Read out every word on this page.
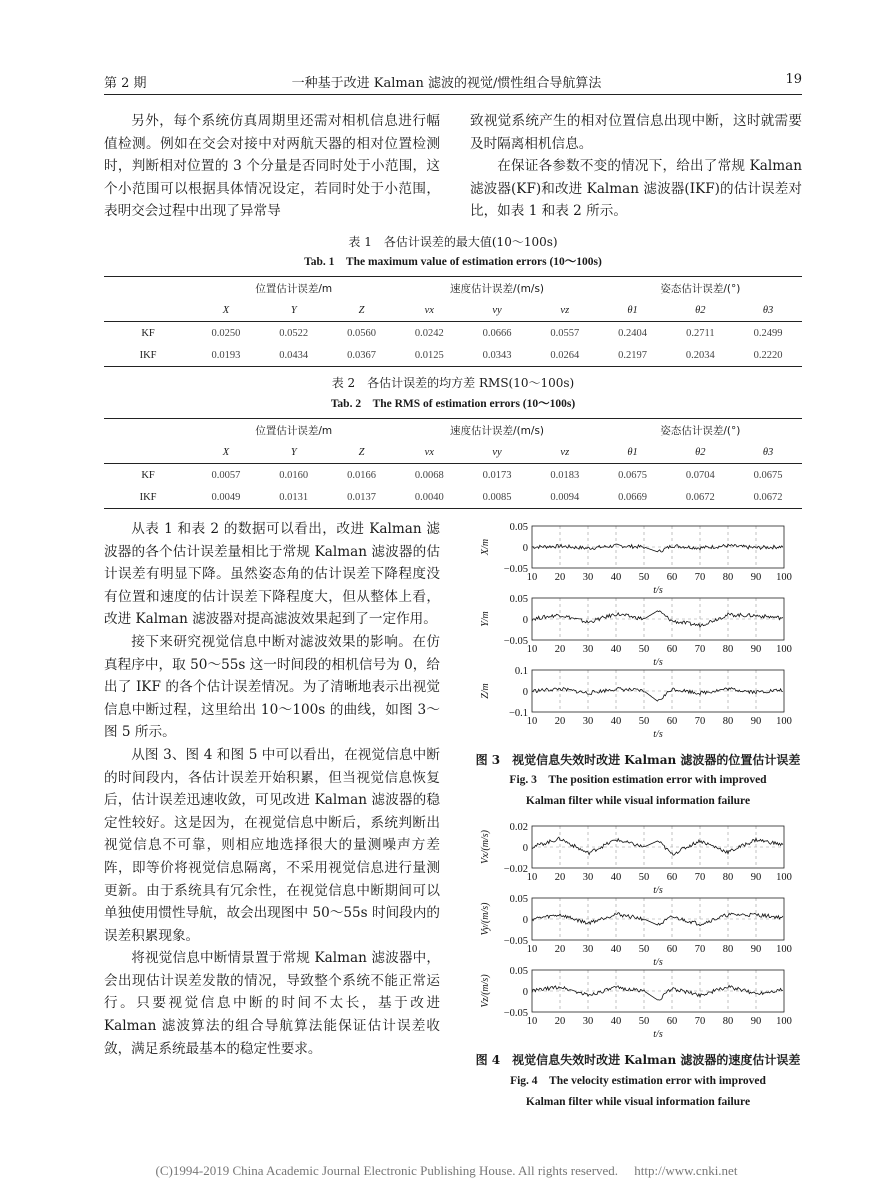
第 2 期	一种基于改进 Kalman 滤波的视觉/惯性组合导航算法	19
另外，每个系统仿真周期里还需对相机信息进行幅值检测。例如在交会对接中对两航天器的相对位置检测时，判断相对位置的 3 个分量是否同时处于小范围，这个小范围可以根据具体情况设定，若同时处于小范围，表明交会过程中出现了异常导

致视觉系统产生的相对位置信息出现中断，这时就需要及时隔离相机信息。

在保证各参数不变的情况下，给出了常规 Kalman 滤波器(KF)和改进 Kalman 滤波器(IKF)的估计误差对比，如表 1 和表 2 所示。

表 1　各估计误差的最大值(10～100s)
Tab. 1　The maximum value of estimation errors (10～100s)
	位置估计误差/m			速度估计误差/(m/s)			姿态估计误差/(°)		
	X	Y	Z	vx	vy	vz	θ1	θ2	θ3
KF	0.0250	0.0522	0.0560	0.0242	0.0666	0.0557	0.2404	0.2711	0.2499
IKF	0.0193	0.0434	0.0367	0.0125	0.0343	0.0264	0.2197	0.2034	0.2220
表 2　各估计误差的均方差 RMS(10～100s)
Tab. 2　The RMS of estimation errors (10～100s)
	位置估计误差/m			速度估计误差/(m/s)			姿态估计误差/(°)		
	X	Y	Z	vx	vy	vz	θ1	θ2	θ3
KF	0.0057	0.0160	0.0166	0.0068	0.0173	0.0183	0.0675	0.0704	0.0675
IKF	0.0049	0.0131	0.0137	0.0040	0.0085	0.0094	0.0669	0.0672	0.0672

从表 1 和表 2 的数据可以看出，改进 Kalman 滤波器的各个估计误差量相比于常规 Kalman 滤波器的估计误差有明显下降。虽然姿态角的估计误差下降程度没有位置和速度的估计误差下降程度大，但从整体上看，改进 Kalman 滤波器对提高滤波效果起到了一定作用。

接下来研究视觉信息中断对滤波效果的影响。在仿真程序中，取 50～55s 这一时间段的相机信号为 0，给出了 IKF 的各个估计误差情况。为了清晰地表示出视觉信息中断过程，这里给出 10～100s 的曲线，如图 3～图 5 所示。

从图 3、图 4 和图 5 中可以看出，在视觉信息中断的时间段内，各估计误差开始积累，但当视觉信息恢复后，估计误差迅速收敛，可见改进 Kalman 滤波器的稳定性较好。这是因为，在视觉信息中断后，系统判断出视觉信息不可靠，则相应地选择很大的量测噪声方差阵，即等价将视觉信息隔离，不采用视觉信息进行量测更新。由于系统具有冗余性，在视觉信息中断期间可以单独使用惯性导航，故会出现图中 50～55s 时间段内的误差积累现象。

将视觉信息中断情景置于常规 Kalman 滤波器中，会出现估计误差发散的情况，导致整个系统不能正常运行。只要视觉信息中断的时间不太长，基于改进 Kalman 滤波算法的组合导航算法能保证估计误差收敛，满足系统最基本的稳定性要求。

0.05
0
−0.05
10 20 30 40 50 60 70 80 90 100
t/s
X/m
0.05
0
−0.05
10 20 30 40 50 60 70 80 90 100
t/s
Y/m
0.1
0
−0.1
10 20 30 40 50 60 70 80 90 100
t/s
Z/m
0.02
0
−0.02
10 20 30 40 50 60 70 80 90 100
t/s
Vx/(m/s)
0.05
0
−0.05
10 20 30 40 50 60 70 80 90 100
t/s
Vy/(m/s)
0.05
0
−0.05
10 20 30 40 50 60 70 80 90 100
t/s
Vz/(m/s)
图 3　视觉信息失效时改进 Kalman 滤波器的位置估计误差
Fig. 3　The position estimation error with improved
Kalman filter while visual information failure
图 4　视觉信息失效时改进 Kalman 滤波器的速度估计误差
Fig. 4　The velocity estimation error with improved
Kalman filter while visual information failure
(C)1994-2019 China Academic Journal Electronic Publishing House. All rights reserved.　 http://www.cnki.net
